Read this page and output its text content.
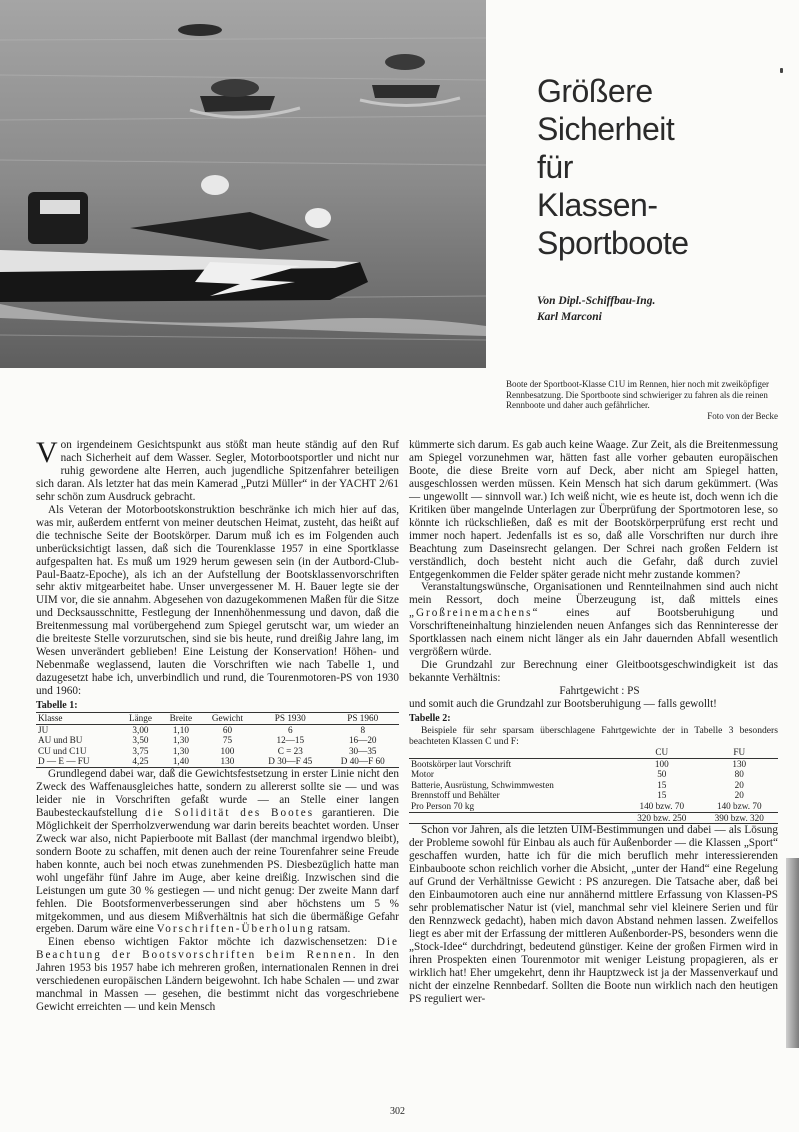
Größere
Sicherheit
für
Klassen-
Sportboote
Von Dipl.-Schiffbau-Ing.
Karl Marconi
Boote der Sportboot-Klasse C1U im Rennen, hier noch mit zweiköpfiger Rennbesatzung. Die Sportboote sind schwieriger zu fahren als die reinen Rennboote und daher auch gefährlicher.
Foto von der Becke

Von irgendeinem Gesichtspunkt aus stößt man heute ständig auf den Ruf nach Sicherheit auf dem Wasser. Segler, Motorbootsportler und nicht nur ruhig gewordene alte Herren, auch jugendliche Spitzenfahrer beteiligen sich daran. Als letzter hat das mein Kamerad „Putzi Müller“ in der YACHT 2/61 sehr schön zum Ausdruck gebracht.

Als Veteran der Motorbootskonstruktion beschränke ich mich hier auf das, was mir, außerdem entfernt von meiner deutschen Heimat, zusteht, das heißt auf die technische Seite der Bootskörper. Darum muß ich es im Folgenden auch unberücksichtigt lassen, daß sich die Tourenklasse 1957 in eine Sportklasse aufgespalten hat. Es muß um 1929 herum gewesen sein (in der Autbord-Club-Paul-Baatz-Epoche), als ich an der Aufstellung der Bootsklassenvorschriften sehr aktiv mitgearbeitet habe. Unser unvergessener M. H. Bauer legte sie der UIM vor, die sie annahm. Abgesehen von dazugekommenen Maßen für die Sitze und Decksausschnitte, Festlegung der Innenhöhenmessung und davon, daß die Breitenmessung mal vorübergehend zum Spiegel gerutscht war, um wieder an die breiteste Stelle vorzurutschen, sind sie bis heute, rund dreißig Jahre lang, im Wesen unverändert geblieben! Eine Leistung der Konservation! Höhen- und Nebenmaße weglassend, lauten die Vorschriften wie nach Tabelle 1, und dazugesetzt habe ich, unverbindlich und rund, die Tourenmotoren-PS von 1930 und 1960:

Tabelle 1:
Klasse	Länge	Breite	Gewicht	PS 1930	PS 1960
JU	3,00	1,10	60	6	8
AU und BU	3,50	1,30	75	12—15	16—20
CU und C1U	3,75	1,30	100	C = 23	30—35
D — E — FU	4,25	1,40	130	D 30—F 45	D 40—F 60

Grundlegend dabei war, daß die Gewichtsfestsetzung in erster Linie nicht den Zweck des Waffenausgleiches hatte, sondern zu allererst sollte sie — und was leider nie in Vorschriften gefaßt wurde — an Stelle einer langen Baubesteckaufstellung die Solidität des Bootes garantieren. Die Möglichkeit der Sperrholzverwendung war darin bereits beachtet worden. Unser Zweck war also, nicht Papierboote mit Ballast (der manchmal irgendwo bleibt), sondern Boote zu schaffen, mit denen auch der reine Tourenfahrer seine Freude haben konnte, auch bei noch etwas zunehmenden PS. Diesbezüglich hatte man wohl ungefähr fünf Jahre im Auge, aber keine dreißig. Inzwischen sind die Leistungen um gute 30 % gestiegen — und nicht genug: Der zweite Mann darf fehlen. Die Bootsformenverbesserungen sind aber höchstens um 5 % mitgekommen, und aus diesem Mißverhältnis hat sich die übermäßige Gefahr ergeben. Darum wäre eine Vorschriften-Überholung ratsam.

Einen ebenso wichtigen Faktor möchte ich dazwischensetzen: Die Beachtung der Bootsvorschriften beim Rennen. In den Jahren 1953 bis 1957 habe ich mehreren großen, internationalen Rennen in drei verschiedenen europäischen Ländern beigewohnt. Ich habe Schalen — und zwar manchmal in Massen — gesehen, die bestimmt nicht das vorgeschriebene Gewicht erreichten — und kein Mensch

kümmerte sich darum. Es gab auch keine Waage. Zur Zeit, als die Breitenmessung am Spiegel vorzunehmen war, hätten fast alle vorher gebauten europäischen Boote, die diese Breite vorn auf Deck, aber nicht am Spiegel hatten, ausgeschlossen werden müssen. Kein Mensch hat sich darum gekümmert. (Was — ungewollt — sinnvoll war.) Ich weiß nicht, wie es heute ist, doch wenn ich die Kritiken über mangelnde Unterlagen zur Überprüfung der Sportmotoren lese, so könnte ich rückschließen, daß es mit der Bootskörperprüfung erst recht und immer noch hapert. Jedenfalls ist es so, daß alle Vorschriften nur durch ihre Beachtung zum Daseinsrecht gelangen. Der Schrei nach großen Feldern ist verständlich, doch besteht nicht auch die Gefahr, daß durch zuviel Entgegenkommen die Felder später gerade nicht mehr zustande kommen?

Veranstaltungswünsche, Organisationen und Rennteilnahmen sind auch nicht mein Ressort, doch meine Überzeugung ist, daß mittels eines „Großreinemachens“ eines auf Bootsberuhigung und Vorschrifteneinhaltung hinzielenden neuen Anfanges sich das Renninteresse der Sportklassen nach einem nicht länger als ein Jahr dauernden Abfall wesentlich vergrößern würde.

Die Grundzahl zur Berechnung einer Gleitbootsgeschwindigkeit ist das bekannte Verhältnis:

Fahrtgewicht : PS

und somit auch die Grundzahl zur Bootsberuhigung — falls gewollt!

Tabelle 2:

Beispiele für sehr sparsam überschlagene Fahrtgewichte der in Tabelle 3 besonders beachteten Klassen C und F:

	CU	FU
Bootskörper laut Vorschrift	100	130
Motor	50	80
Batterie, Ausrüstung, Schwimmwesten	15	20
Brennstoff und Behälter	15	20
Pro Person 70 kg	140 bzw. 70	140 bzw. 70
	320 bzw. 250	390 bzw. 320

Schon vor Jahren, als die letzten UIM-Bestimmungen und dabei — als Lösung der Probleme sowohl für Einbau als auch für Außenborder — die Klassen „Sport“ geschaffen wurden, hatte ich für die mich beruflich mehr interessierenden Einbauboote schon reichlich vorher die Absicht, „unter der Hand“ eine Regelung auf Grund der Verhältnisse Gewicht : PS anzuregen. Die Tatsache aber, daß bei den Einbaumotoren auch eine nur annähernd mittlere Erfassung von Klassen-PS sehr problematischer Natur ist (viel, manchmal sehr viel kleinere Serien und für den Rennzweck gedacht), haben mich davon Abstand nehmen lassen. Zweifellos liegt es aber mit der Erfassung der mittleren Außenborder-PS, besonders wenn die „Stock-Idee“ durchdringt, bedeutend günstiger. Keine der großen Firmen wird in ihren Prospekten einen Tourenmotor mit weniger Leistung propagieren, als er wirklich hat! Eher umgekehrt, denn ihr Hauptzweck ist ja der Massenverkauf und nicht der einzelne Rennbedarf. Sollten die Boote nun wirklich nach den heutigen PS reguliert wer-

302
